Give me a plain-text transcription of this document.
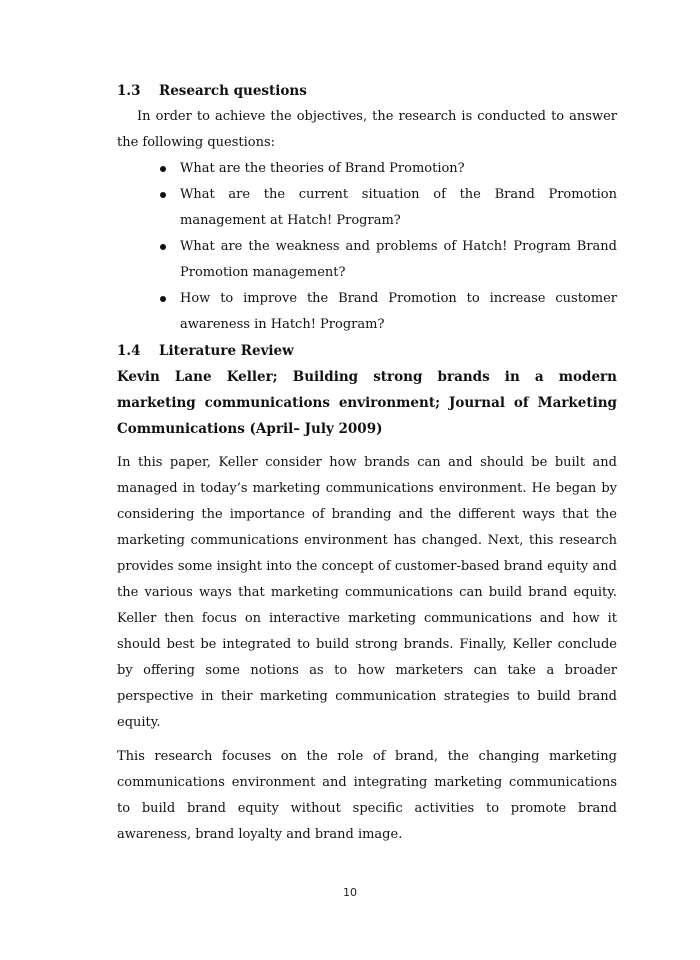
1.3 Research questions

In order to achieve the objectives, the research is conducted to answer the following questions:

What are the theories of Brand Promotion?
What are the current situation of the Brand Promotion management at Hatch! Program?
What are the weakness and problems of Hatch! Program Brand Promotion management?
How to improve the Brand Promotion to increase customer awareness in Hatch! Program?
1.4 Literature Review

Kevin Lane Keller; Building strong brands in a modern marketing communications environment; Journal of Marketing Communications (April– July 2009)

In this paper, Keller consider how brands can and should be built and managed in today’s marketing communications environment. He began by considering the importance of branding and the different ways that the marketing communications environment has changed. Next, this research provides some insight into the concept of customer-based brand equity and the various ways that marketing communications can build brand equity. Keller then focus on interactive marketing communications and how it should best be integrated to build strong brands. Finally, Keller conclude by offering some notions as to how marketers can take a broader perspective in their marketing communication strategies to build brand equity.

This research focuses on the role of brand, the changing marketing communications environment and integrating marketing communications to build brand equity without specific activities to promote brand awareness, brand loyalty and brand image.

10
